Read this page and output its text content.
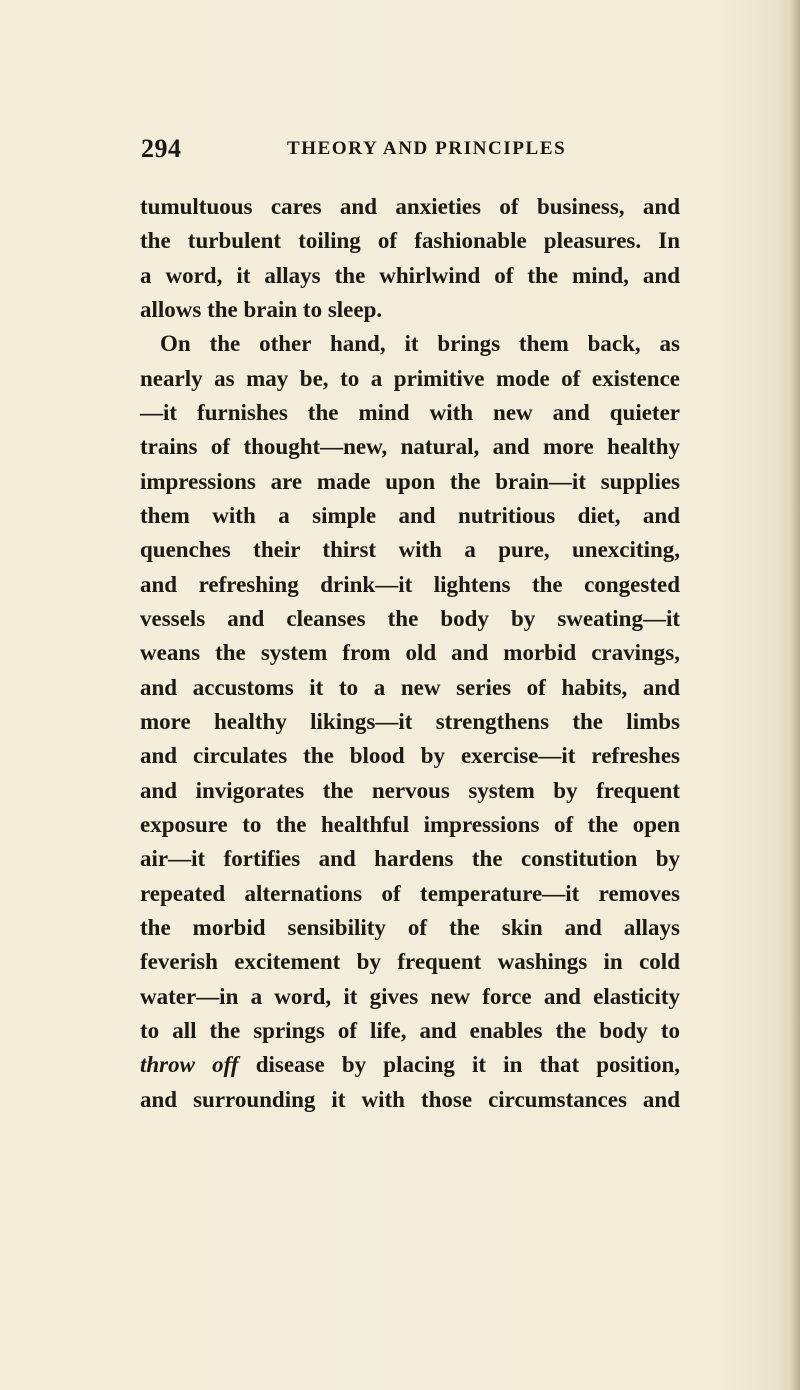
294	THEORY AND PRINCIPLES
tumultuous cares and anxieties of business, and
the turbulent toiling of fashionable pleasures. In
a word, it allays the whirlwind of the mind, and
allows the brain to sleep.
On the other hand, it brings them back, as
nearly as may be, to a primitive mode of existence
—it furnishes the mind with new and quieter
trains of thought—new, natural, and more healthy
impressions are made upon the brain—it supplies
them with a simple and nutritious diet, and
quenches their thirst with a pure, unexciting,
and refreshing drink—it lightens the congested
vessels and cleanses the body by sweating—it
weans the system from old and morbid cravings,
and accustoms it to a new series of habits, and
more healthy likings—it strengthens the limbs
and circulates the blood by exercise—it refreshes
and invigorates the nervous system by frequent
exposure to the healthful impressions of the open
air—it fortifies and hardens the constitution by
repeated alternations of temperature—it removes
the morbid sensibility of the skin and allays
feverish excitement by frequent washings in cold
water—in a word, it gives new force and elasticity
to all the springs of life, and enables the body to
throw off disease by placing it in that position,
and surrounding it with those circumstances and
